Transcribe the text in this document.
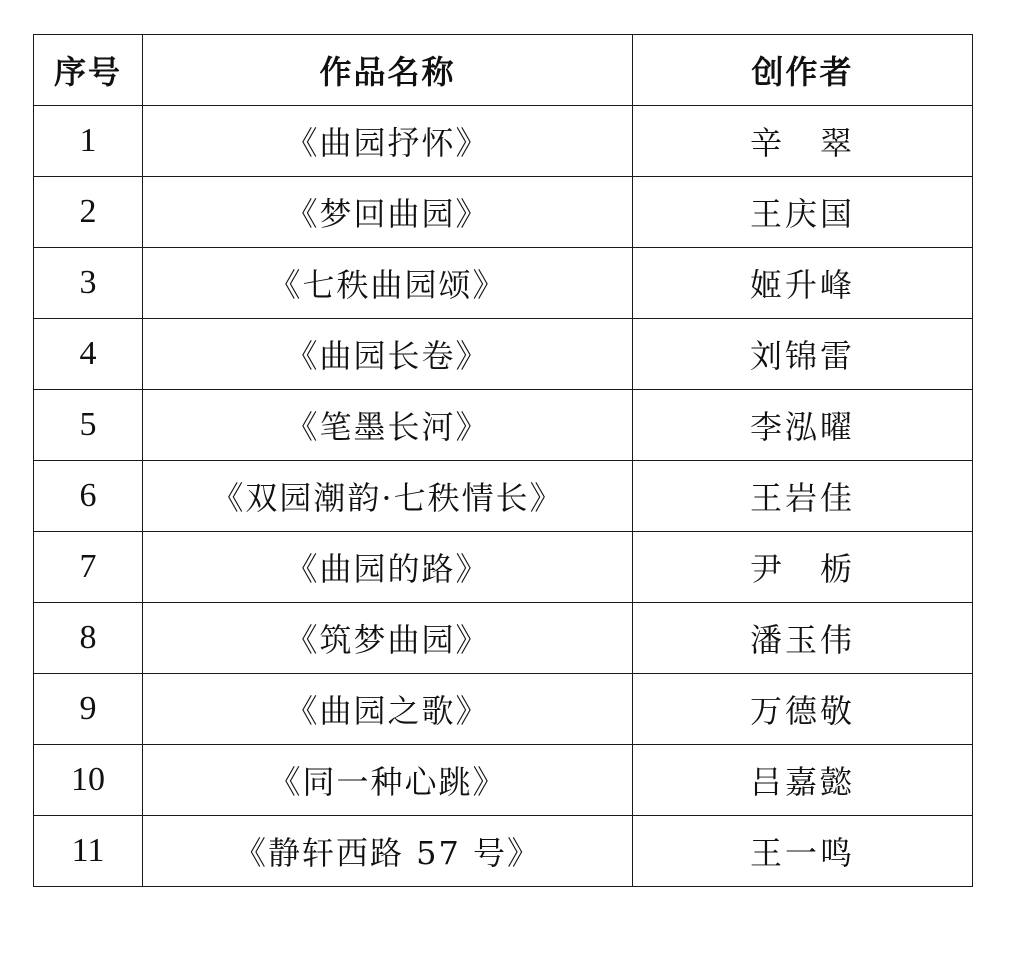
序号	作品名称	创作者
1	《曲园抒怀》	辛　翠
2	《梦回曲园》	王庆国
3	《七秩曲园颂》	姬升峰
4	《曲园长卷》	刘锦雷
5	《笔墨长河》	李泓曜
6	《双园潮韵·七秩情长》	王岩佳
7	《曲园的路》	尹　栃
8	《筑梦曲园》	潘玉伟
9	《曲园之歌》	万德敬
10	《同一种心跳》	吕嘉懿
11	《静轩西路 57 号》	王一鸣
